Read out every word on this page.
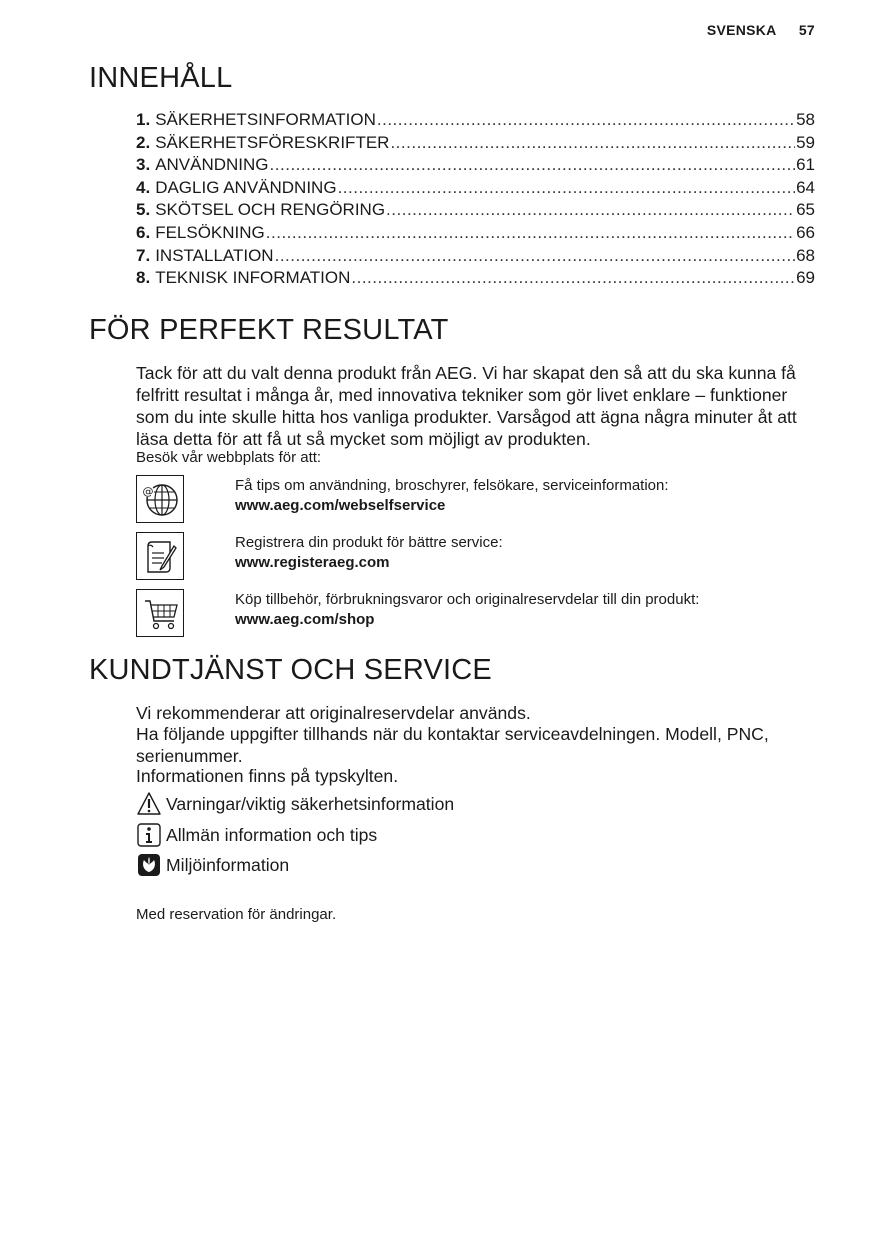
SVENSKA 57
INNEHÅLL
1. SÄKERHETSINFORMATION .....	58
2. SÄKERHETSFÖRESKRIFTER .....	59
3. ANVÄNDNING .....	61
4. DAGLIG ANVÄNDNING .....	64
5. SKÖTSEL OCH RENGÖRING .....	65
6. FELSÖKNING .....	66
7. INSTALLATION .....	68
8. TEKNISK INFORMATION .....	69
FÖR PERFEKT RESULTAT

Tack för att du valt denna produkt från AEG. Vi har skapat den så att du ska kunna få felfritt resultat i många år, med innovativa tekniker som gör livet enklare – funktioner som du inte skulle hitta hos vanliga produkter. Varsågod att ägna några minuter åt att läsa detta för att få ut så mycket som möjligt av produkten.

Besök vår webbplats för att:

@	Få tips om användning, broschyrer, felsökare, serviceinformation:
www.aeg.com/webselfservice
Registrera din produkt för bättre service:
www.registeraeg.com
Köp tillbehör, förbrukningsvaror och originalreservdelar till din produkt:
www.aeg.com/shop
KUNDTJÄNST OCH SERVICE

Vi rekommenderar att originalreservdelar används.

Ha följande uppgifter tillhands när du kontaktar serviceavdelningen. Modell, PNC, serienummer.

Informationen finns på typskylten.

Varningar/viktig säkerhetsinformation
Allmän information och tips
Miljöinformation

Med reservation för ändringar.
